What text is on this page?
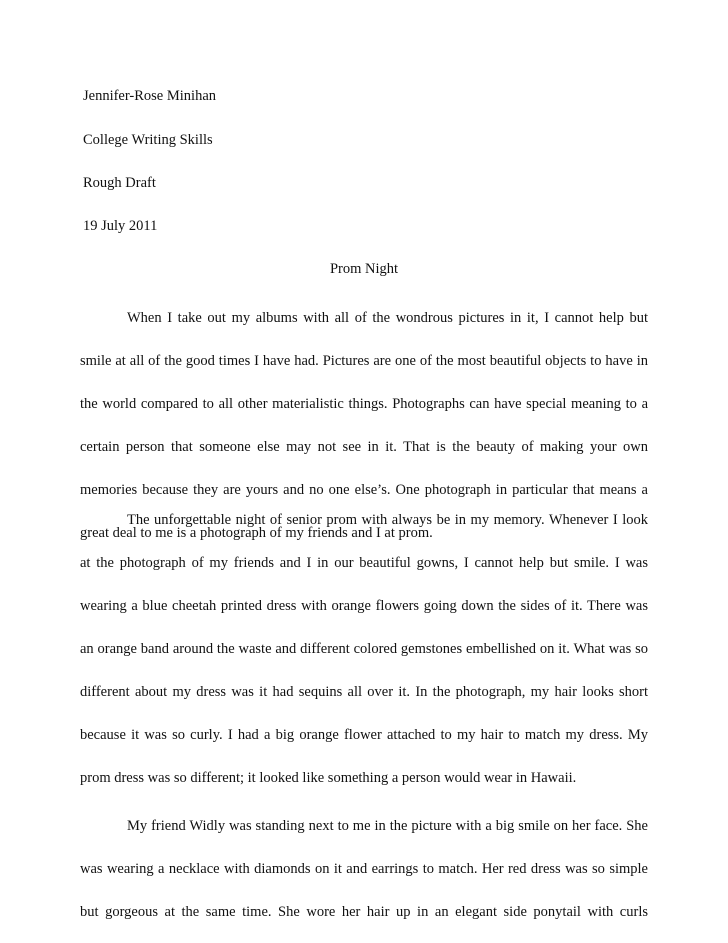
Jennifer-Rose Minihan
College Writing Skills
Rough Draft
19 July 2011
Prom Night
When I take out my albums with all of the wondrous pictures in it, I cannot help but
smile at all of the good times I have had. Pictures are one of the most beautiful objects to have in
the world compared to all other materialistic things. Photographs can have special meaning to a
certain person that someone else may not see in it. That is the beauty of making your own
memories because they are yours and no one else’s. One photograph in particular that means a
great deal to me is a photograph of my friends and I at prom.
The unforgettable night of senior prom with always be in my memory. Whenever I look
at the photograph of my friends and I in our beautiful gowns, I cannot help but smile. I was
wearing a blue cheetah printed dress with orange flowers going down the sides of it. There was
an orange band around the waste and different colored gemstones embellished on it. What was so
different about my dress was it had sequins all over it. In the photograph, my hair looks short
because it was so curly. I had a big orange flower attached to my hair to match my dress. My
prom dress was so different; it looked like something a person would wear in Hawaii.
My friend Widly was standing next to me in the picture with a big smile on her face. She
was wearing a necklace with diamonds on it and earrings to match. Her red dress was so simple
but gorgeous at the same time. She wore her hair up in an elegant side ponytail with curls
